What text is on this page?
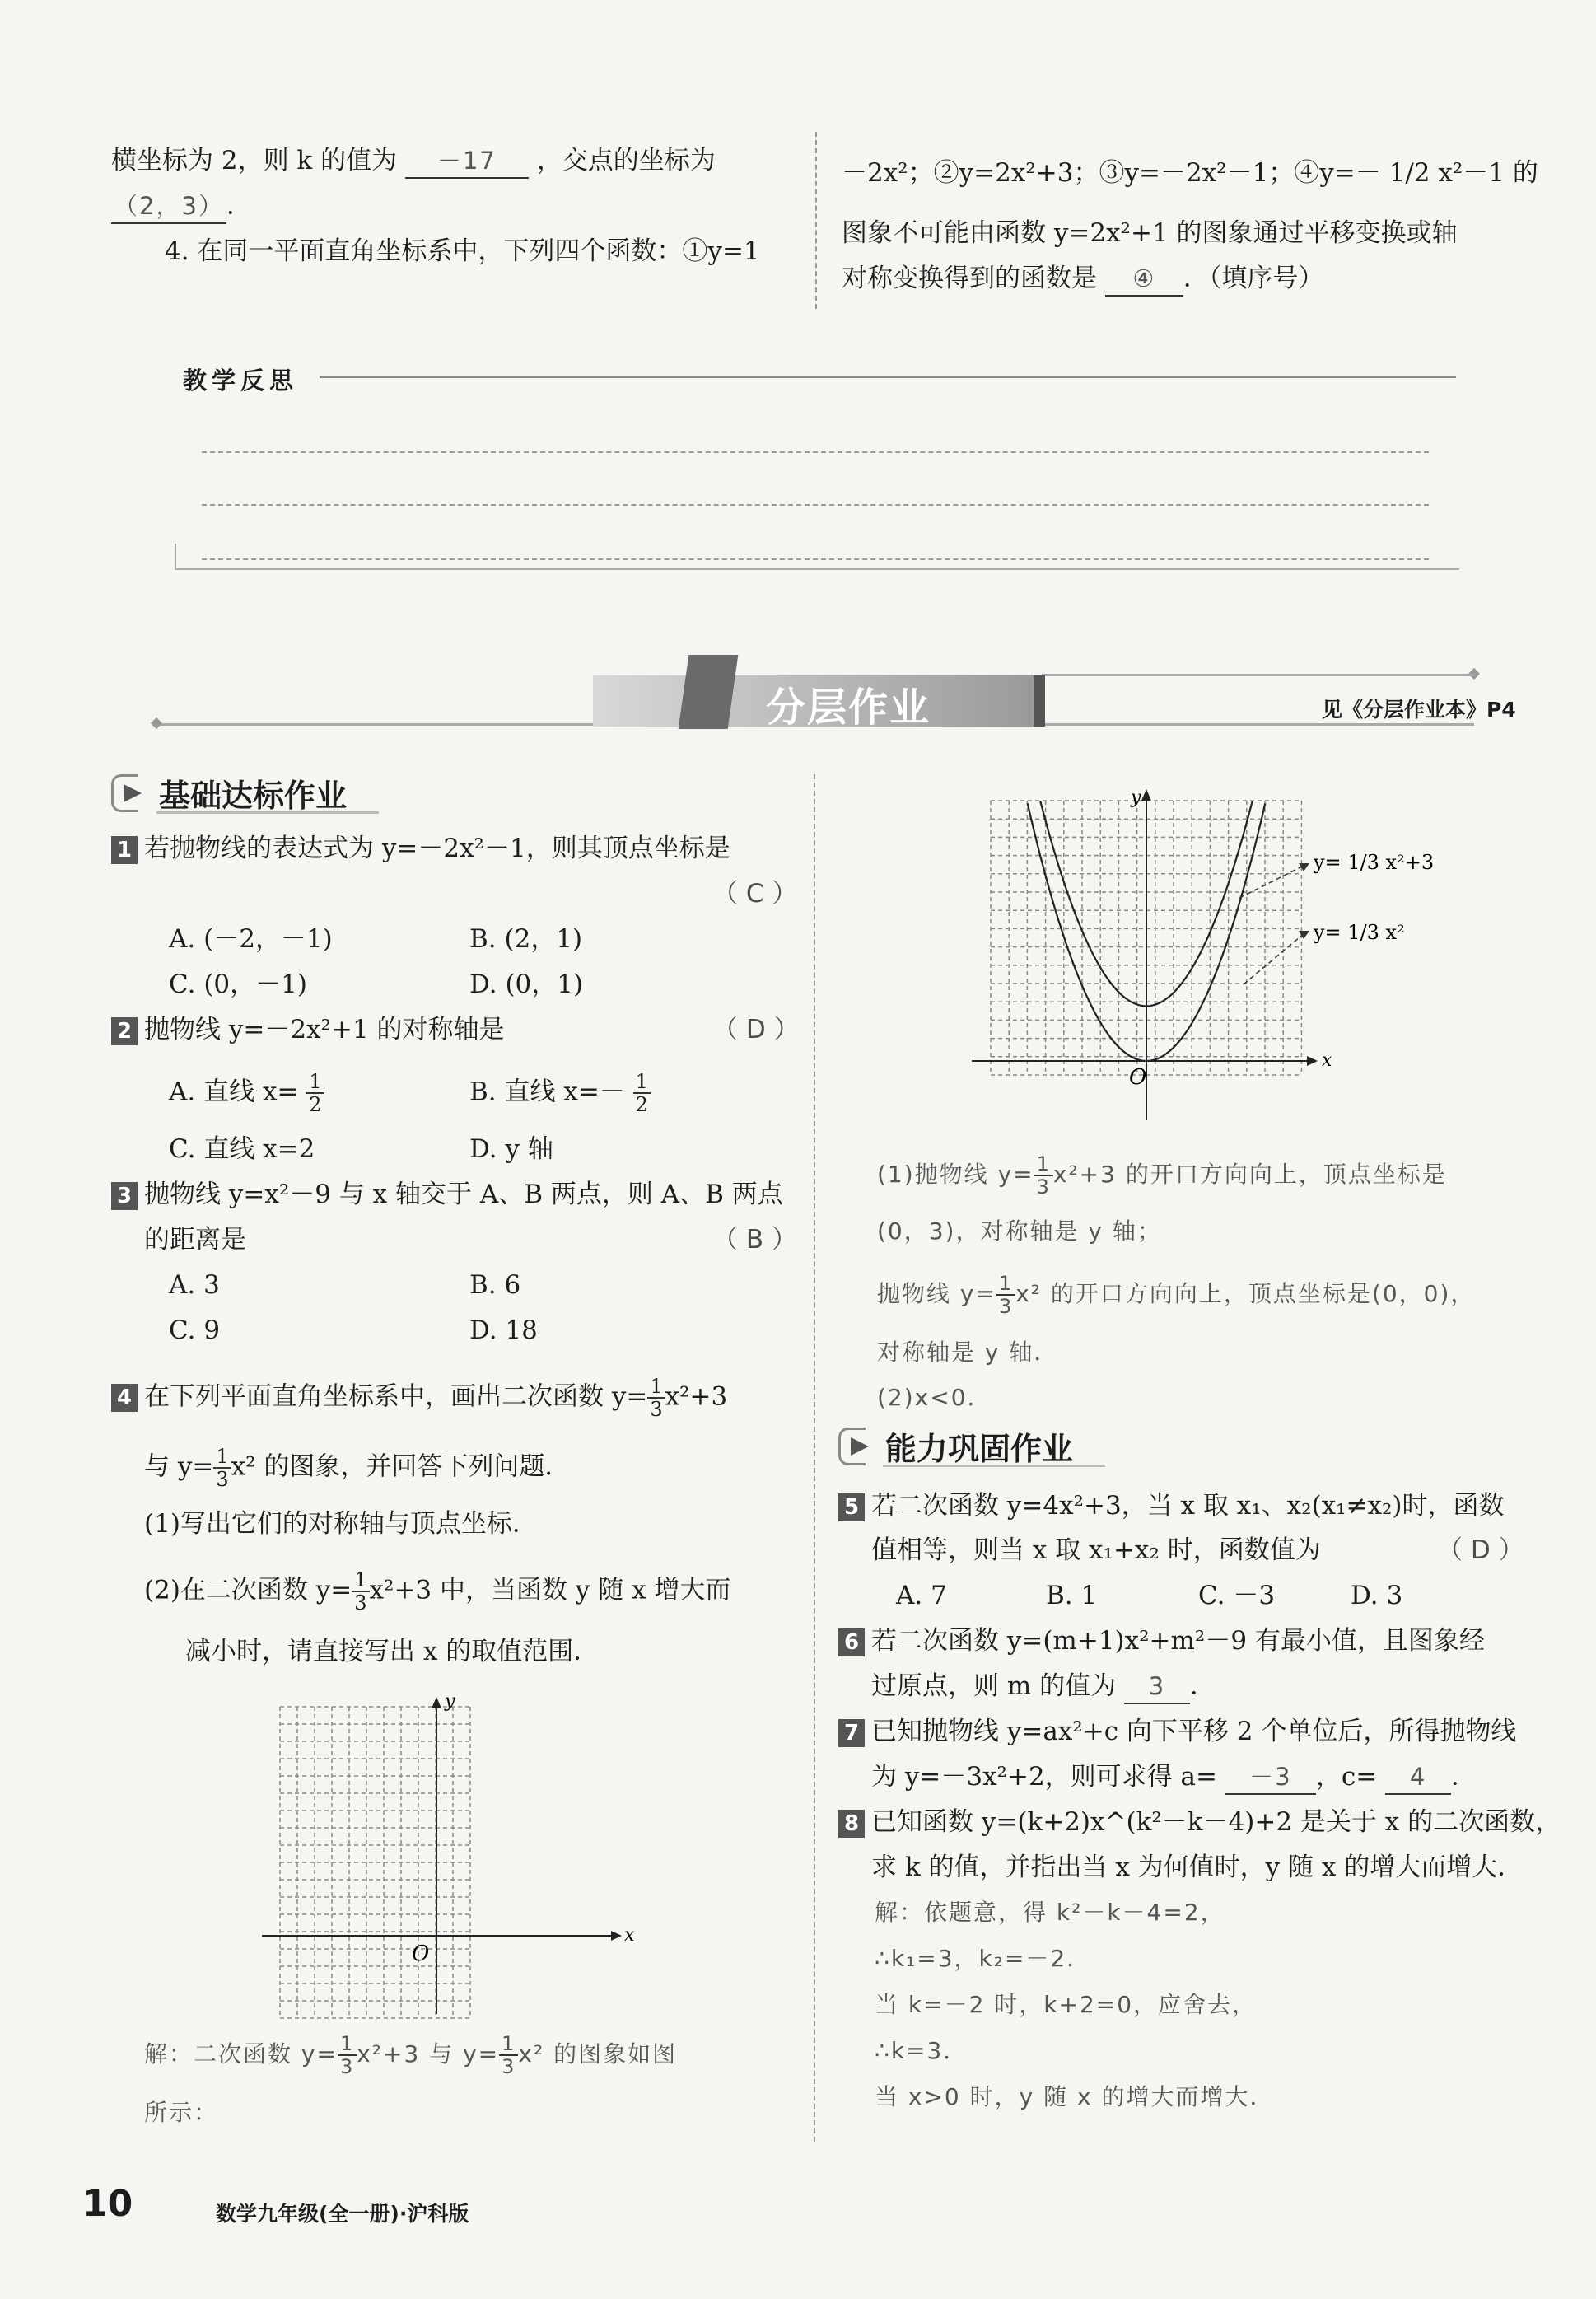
横坐标为 2，则 k 的值为 －17 ，交点的坐标为
（2，3）．
4. 在同一平面直角坐标系中，下列四个函数：①y=1
－2x²；②y=2x²+3；③y=－2x²－1；④y=－ 1/2 x²－1 的
图象不可能由函数 y=2x²+1 的图象通过平移变换或轴
对称变换得到的函数是 ④ ．（填序号）
教学反思
分层作业	见《分层作业本》P4
基础达标作业
1 若抛物线的表达式为 y=－2x²－1，则其顶点坐标是
（ C ）
A. (－2，－1)	B. (2，1)
C. (0，－1)	D. (0，1)
2 抛物线 y=－2x²+1 的对称轴是	（ D ）
A. 直线 $x= \frac{1}{2}$	B. 直线 $x=- \frac{1}{2}$
C. 直线 x=2	D. y 轴
3 抛物线 y=x²－9 与 x 轴交于 A、B 两点，则 A、B 两点
的距离是	（ B ）
A. 3	B. 6
C. 9	D. 18
4 在下列平面直角坐标系中，画出二次函数 $y= \frac{1}{3} x^2+3$
与 $y= \frac{1}{3} x^2$ 的图象，并回答下列问题．
(1)写出它们的对称轴与顶点坐标．
(2)在二次函数 $y= \frac{1}{3} x^2+3$ 中，当函数 y 随 x 增大而
减小时，请直接写出 x 的取值范围．
y
x
O
解：二次函数 $y= \frac{1}{3} x^2+3$ 与 $y= \frac{1}{3} x^2$ 的图象如图
所示：
y
x
O
y= 1/3 x²+3
y= 1/3 x²
(1)抛物线 $y= \frac{1}{3} x^2+3$ 的开口方向向上，顶点坐标是
(0，3)，对称轴是 y 轴；
抛物线 $y= \frac{1}{3} x^2$ 的开口方向向上，顶点坐标是(0，0)，
对称轴是 y 轴．
(2)x<0．
能力巩固作业
5 若二次函数 y=4x²+3，当 x 取 x₁、x₂(x₁≠x₂)时，函数
值相等，则当 x 取 x₁+x₂ 时，函数值为	（ D ）
A. 7	B. 1	C. －3	D. 3
6 若二次函数 y=(m+1)x²+m²－9 有最小值，且图象经
过原点，则 m 的值为 3 ．
7 已知抛物线 y=ax²+c 向下平移 2 个单位后，所得抛物线
为 y=－3x²+2，则可求得 a= －3 ，c= 4 ．
8 已知函数 y=(k+2)x^(k²－k－4)+2 是关于 x 的二次函数，
求 k 的值，并指出当 x 为何值时，y 随 x 的增大而增大．
解：依题意，得 k²－k－4=2，
∴k₁=3，k₂=－2．
当 k=－2 时，k+2=0，应舍去，
∴k=3．
当 x>0 时，y 随 x 的增大而增大．
10	数学九年级(全一册)·沪科版
